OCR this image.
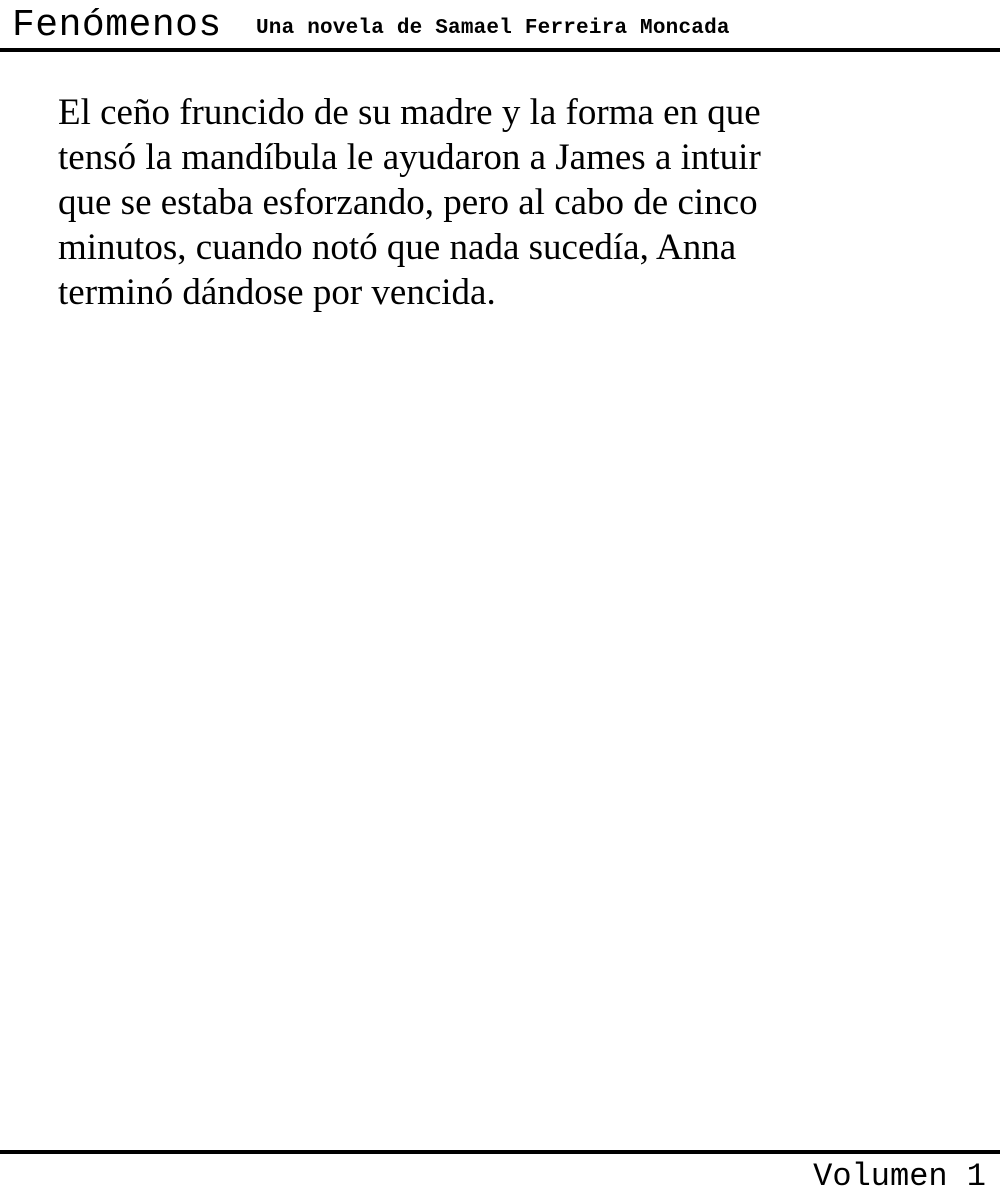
Fenómenos Una novela de Samael Ferreira Moncada

El ceño fruncido de su madre y la forma en que
tensó la mandíbula le ayudaron a James a intuir
que se estaba esforzando, pero al cabo de cinco
minutos, cuando notó que nada sucedía, Anna
terminó dándose por vencida.

Volumen 1
